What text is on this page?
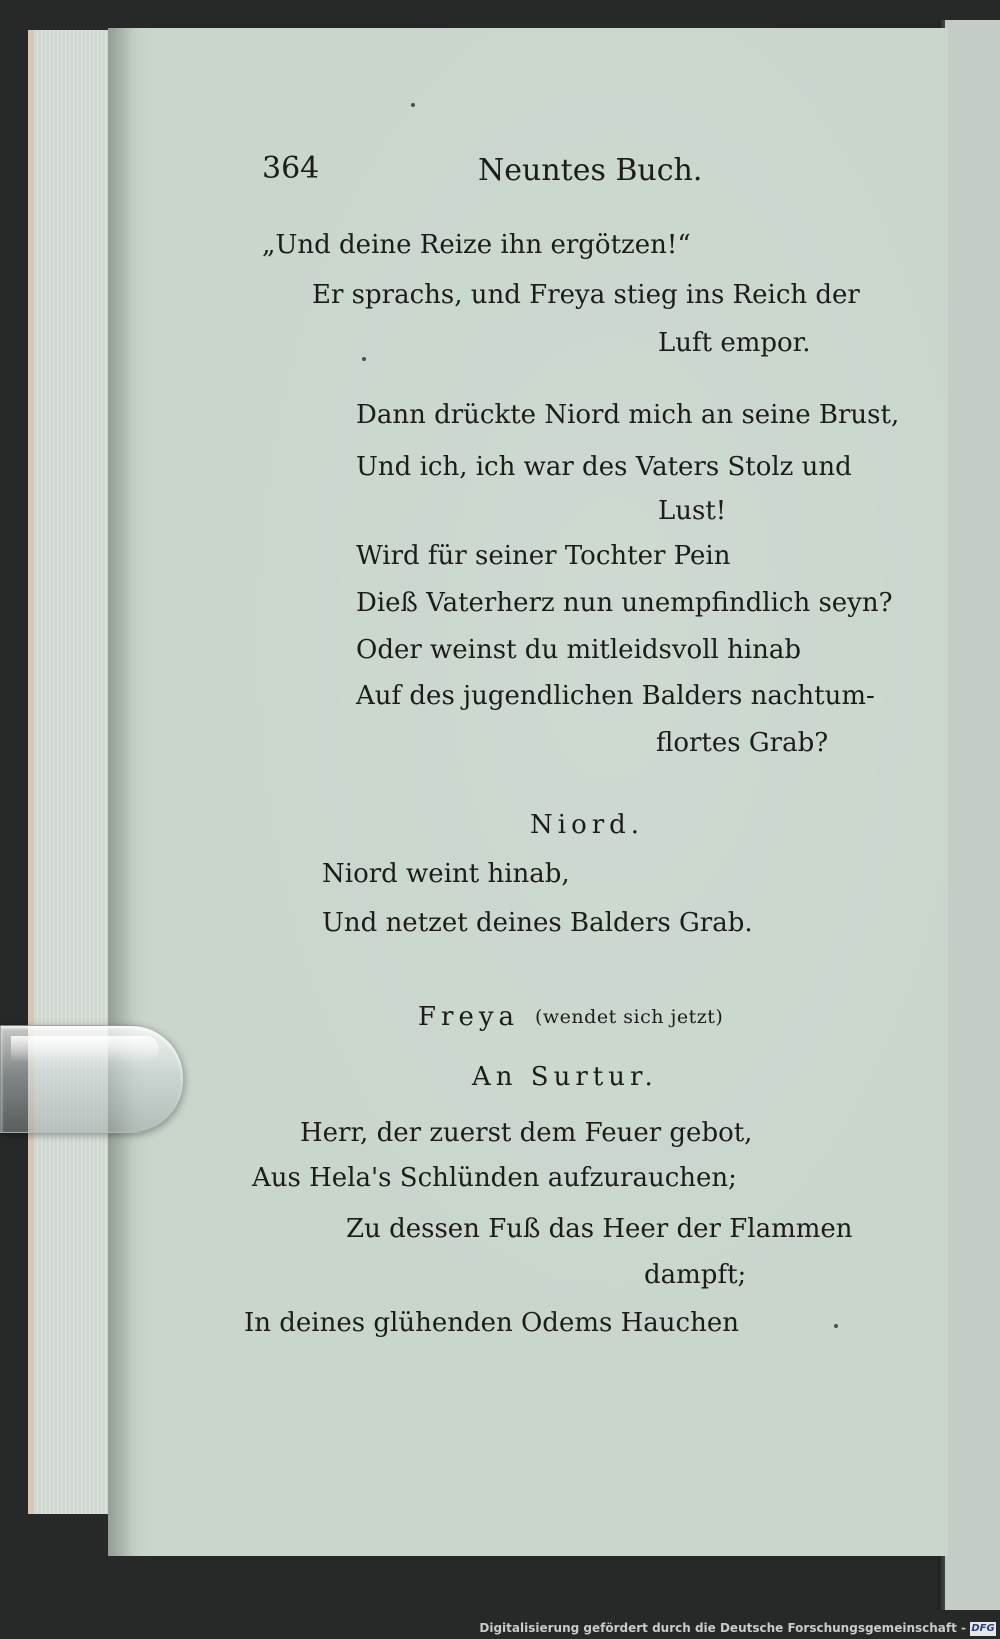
364	Neuntes Buch.
„Und deine Reize ihn ergötzen!“
Er sprachs, und Freya stieg ins Reich der
Luft empor.
Dann drückte Niord mich an seine Brust,
Und ich, ich war des Vaters Stolz und
Lust!
Wird für seiner Tochter Pein
Dieß Vaterherz nun unempfindlich seyn?
Oder weinst du mitleidsvoll hinab
Auf des jugendlichen Balders nachtum-
flortes Grab?
Niord.
Niord weint hinab,
Und netzet deines Balders Grab.
Freya (wendet sich jetzt)
An Surtur.
Herr, der zuerst dem Feuer gebot,
Aus Hela's Schlünden aufzurauchen;
Zu dessen Fuß das Heer der Flammen
dampft;
In deines glühenden Odems Hauchen
Digitalisierung gefördert durch die Deutsche Forschungsgemeinschaft - DFG
